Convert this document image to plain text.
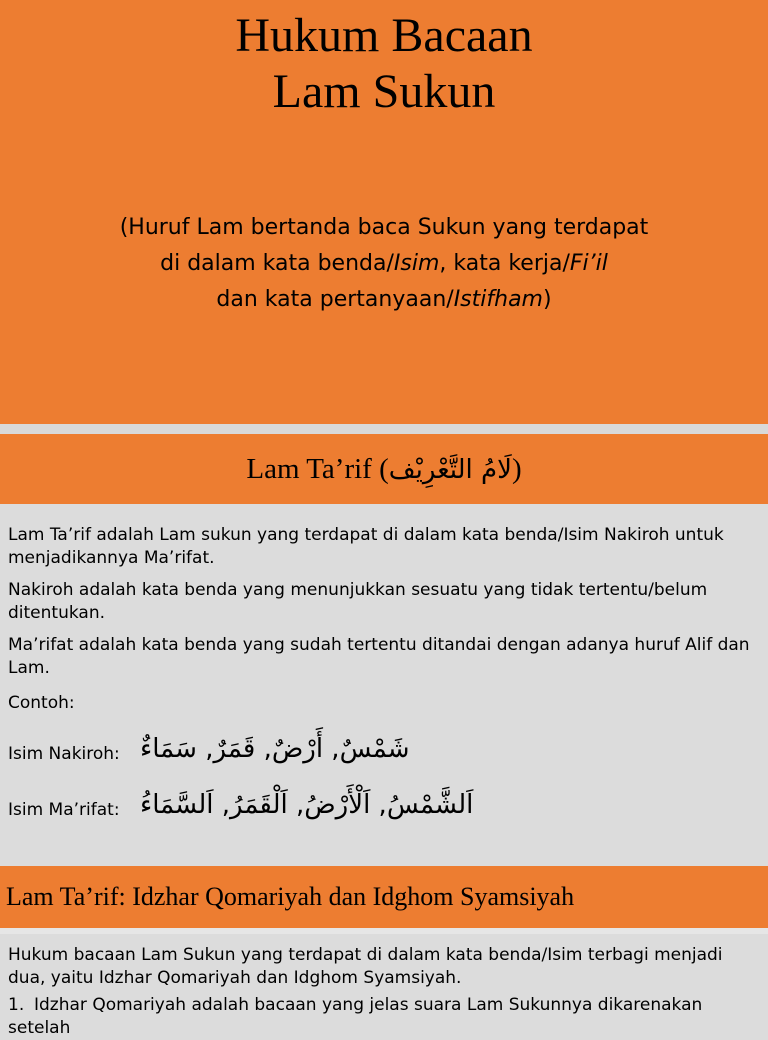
Hukum Bacaan
Lam Sukun
(Huruf Lam bertanda baca Sukun yang terdapat
di dalam kata benda/Isim, kata kerja/Fi’il
dan kata pertanyaan/Istifham)
Lam Ta’rif (لَامُ التَّعْرِيْف)

Lam Ta’rif adalah Lam sukun yang terdapat di dalam kata benda/Isim Nakiroh untuk menjadikannya Ma’rifat.

Nakiroh adalah kata benda yang menunjukkan sesuatu yang tidak tertentu/belum ditentukan.

Ma’rifat adalah kata benda yang sudah tertentu ditandai dengan adanya huruf Alif dan Lam.

Contoh:

Isim Nakiroh: شَمْسٌ, أَرْضٌ, قَمَرٌ, سَمَاءٌ
Isim Ma’rifat: اَلشَّمْسُ, اَلْأَرْضُ, اَلْقَمَرُ, اَلسَّمَاءُ
Lam Ta’rif: Idzhar Qomariyah dan Idghom Syamsiyah

Hukum bacaan Lam Sukun yang terdapat di dalam kata benda/Isim terbagi menjadi dua, yaitu Idzhar Qomariyah dan Idghom Syamsiyah.

1. Idzhar Qomariyah adalah bacaan yang jelas suara Lam Sukunnya dikarenakan setelah
